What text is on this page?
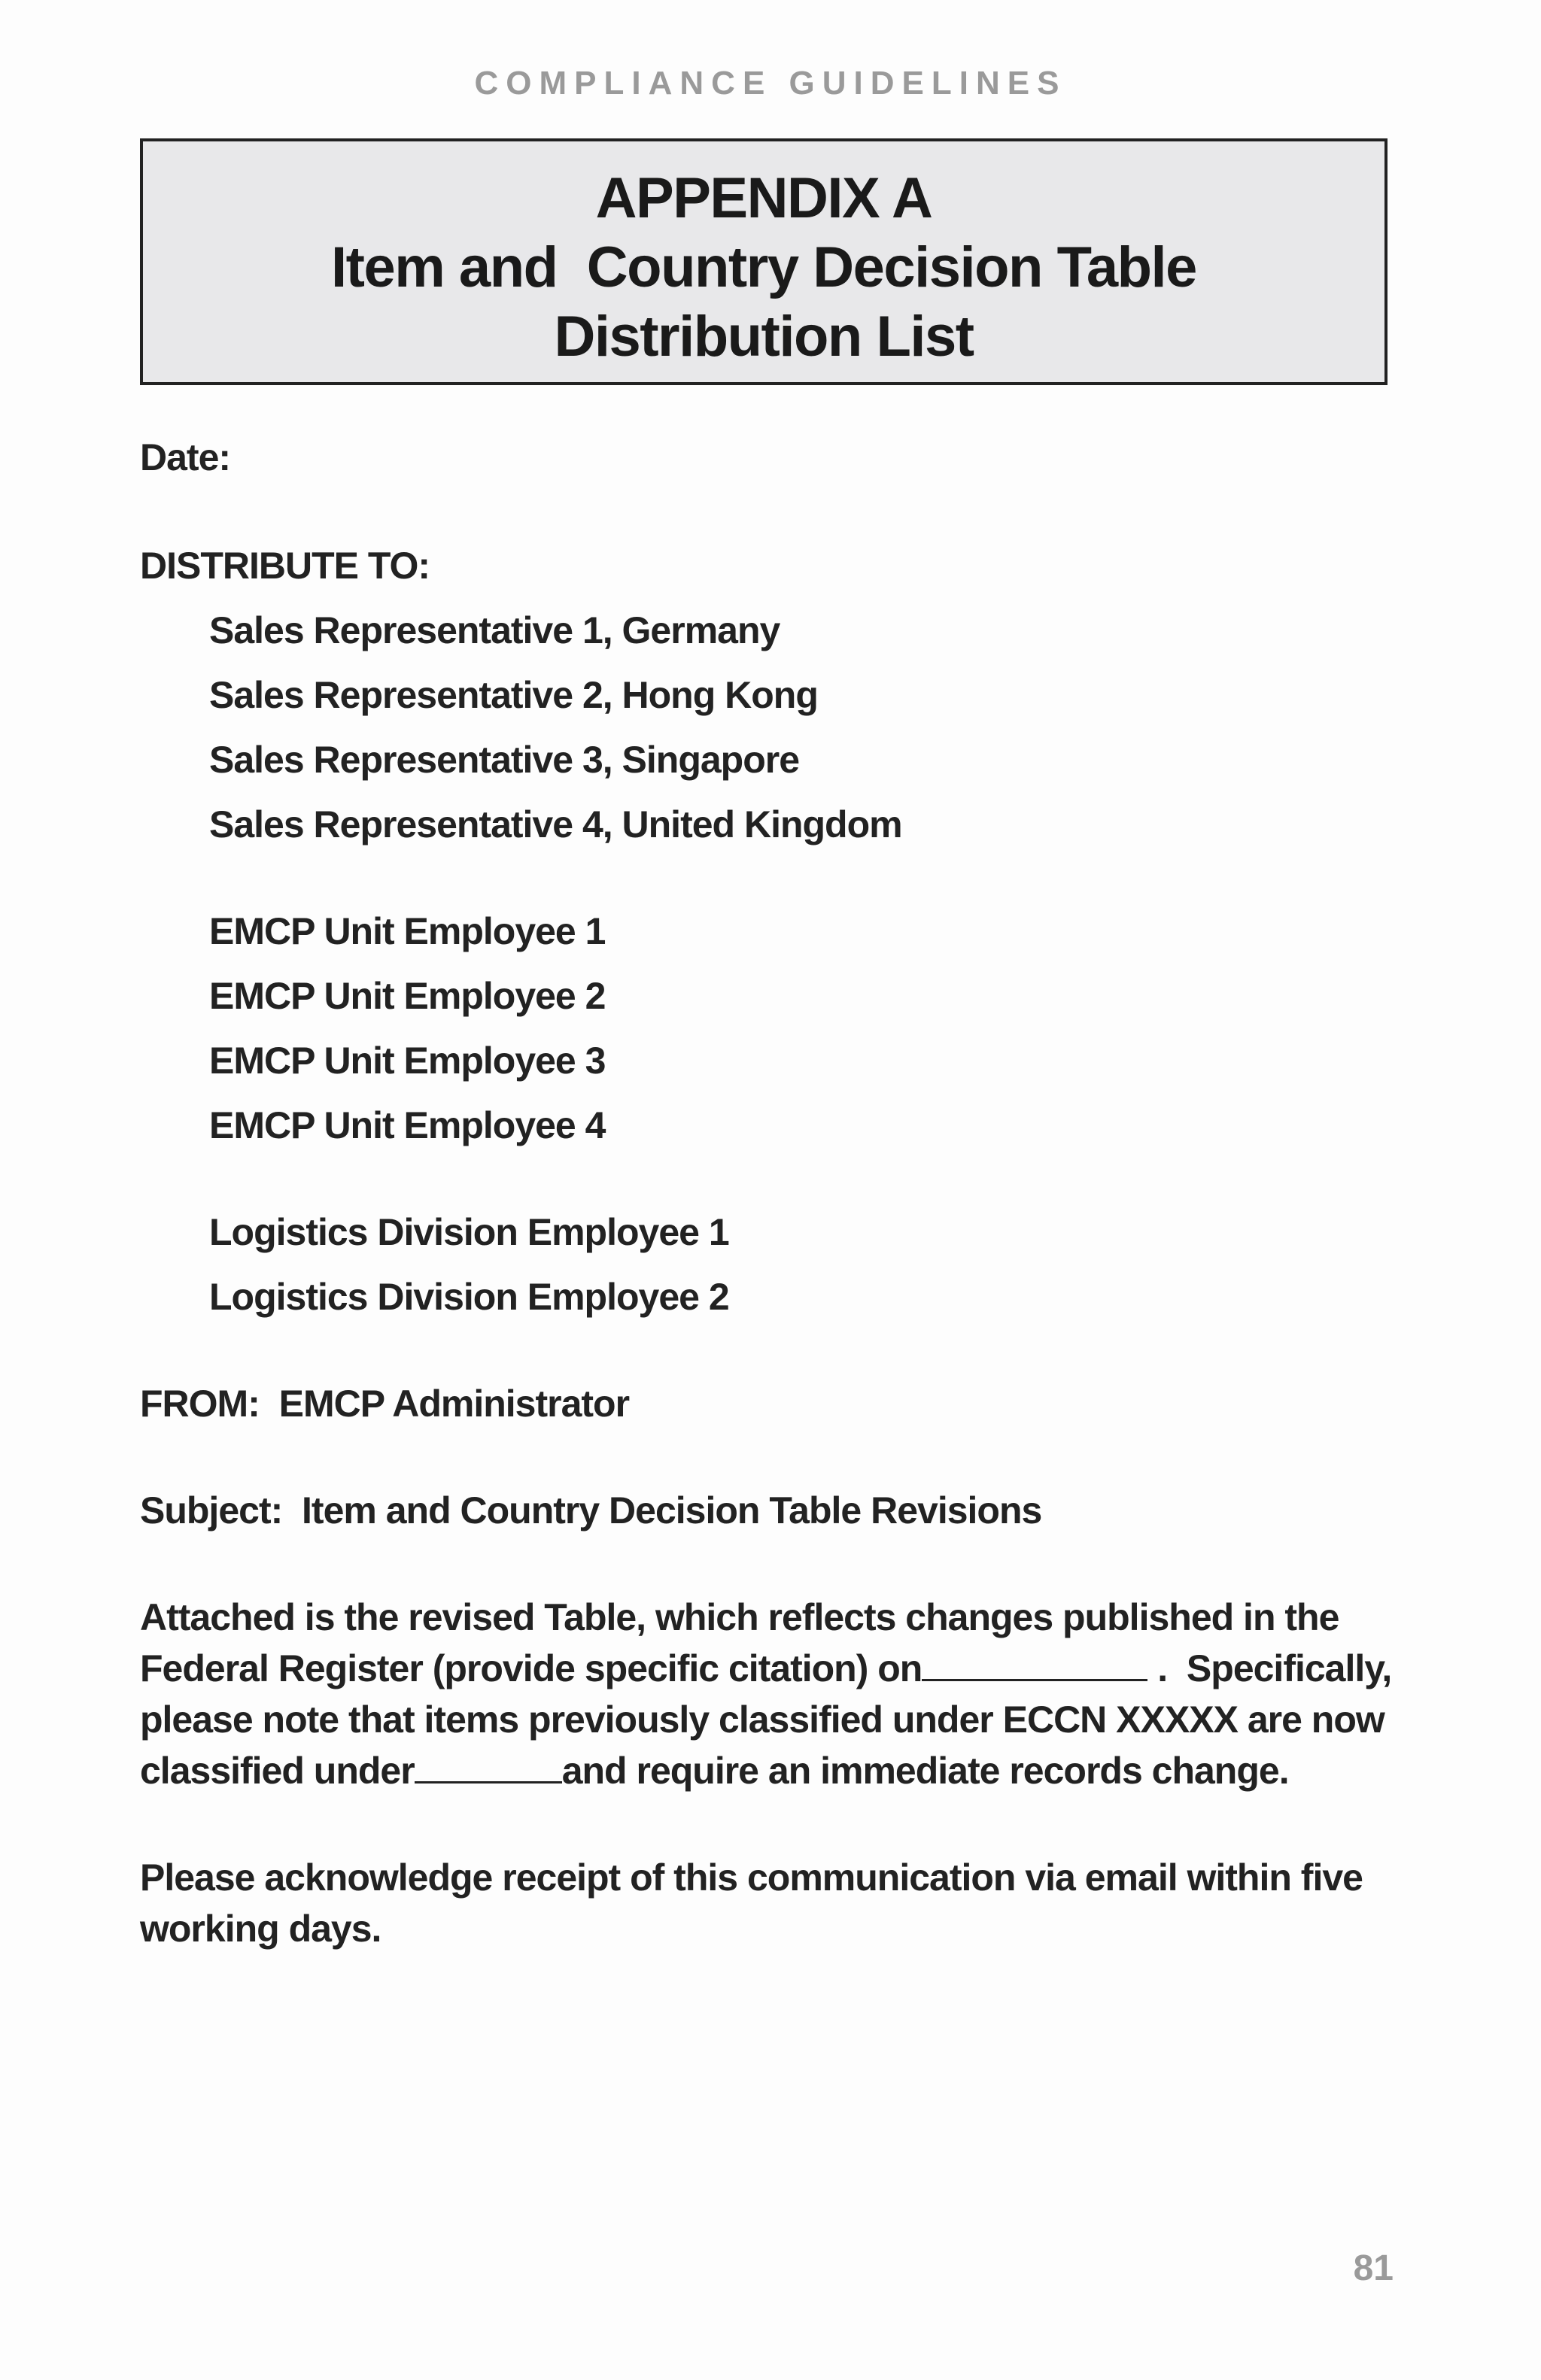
COMPLIANCE GUIDELINES
APPENDIX A
Item and  Country Decision Table
Distribution List
Date:
DISTRIBUTE TO:
Sales Representative 1, Germany
Sales Representative 2, Hong Kong
Sales Representative 3, Singapore
Sales Representative 4, United Kingdom
EMCP Unit Employee 1
EMCP Unit Employee 2
EMCP Unit Employee 3
EMCP Unit Employee 4
Logistics Division Employee 1
Logistics Division Employee 2
FROM:  EMCP Administrator
Subject:  Item and Country Decision Table Revisions
Attached is the revised Table, which reflects changes published in the
Federal Register (provide specific citation) on	.  Specifically,
please note that items previously classified under ECCN XXXXX are now
classified under	and require an immediate records change.
Please acknowledge receipt of this communication via email within five
working days.
81
